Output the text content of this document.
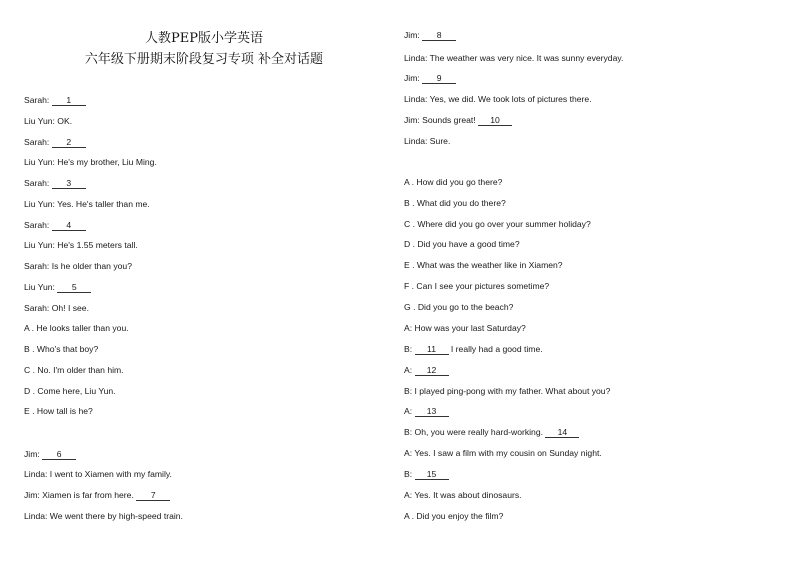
人教PEP版小学英语
六年级下册期末阶段复习专项 补全对话题
Sarah: 1
Liu Yun: OK.
Sarah: 2
Liu Yun: He's my brother, Liu Ming.
Sarah: 3
Liu Yun: Yes. He's taller than me.
Sarah: 4
Liu Yun: He's 1.55 meters tall.
Sarah: Is he older than you?
Liu Yun: 5
Sarah: Oh! I see.
A . He looks taller than you.
B . Who's that boy?
C . No. I'm older than him.
D . Come here, Liu Yun.
E . How tall is he?
Jim: 6
Linda: I went to Xiamen with my family.
Jim: Xiamen is far from here. 7
Linda: We went there by high-speed train.
Jim: 8
Linda: The weather was very nice. It was sunny everyday.
Jim: 9
Linda: Yes, we did. We took lots of pictures there.
Jim: Sounds great! 10
Linda: Sure.
A . How did you go there?
B . What did you do there?
C . Where did you go over your summer holiday?
D . Did you have a good time?
E . What was the weather like in Xiamen?
F . Can I see your pictures sometime?
G . Did you go to the beach?
A: How was your last Saturday?
B: 11 I really had a good time.
A: 12
B: I played ping-pong with my father. What about you?
A: 13
B: Oh, you were really hard-working. 14
A: Yes. I saw a film with my cousin on Sunday night.
B: 15
A: Yes. It was about dinosaurs.
A . Did you enjoy the film?
